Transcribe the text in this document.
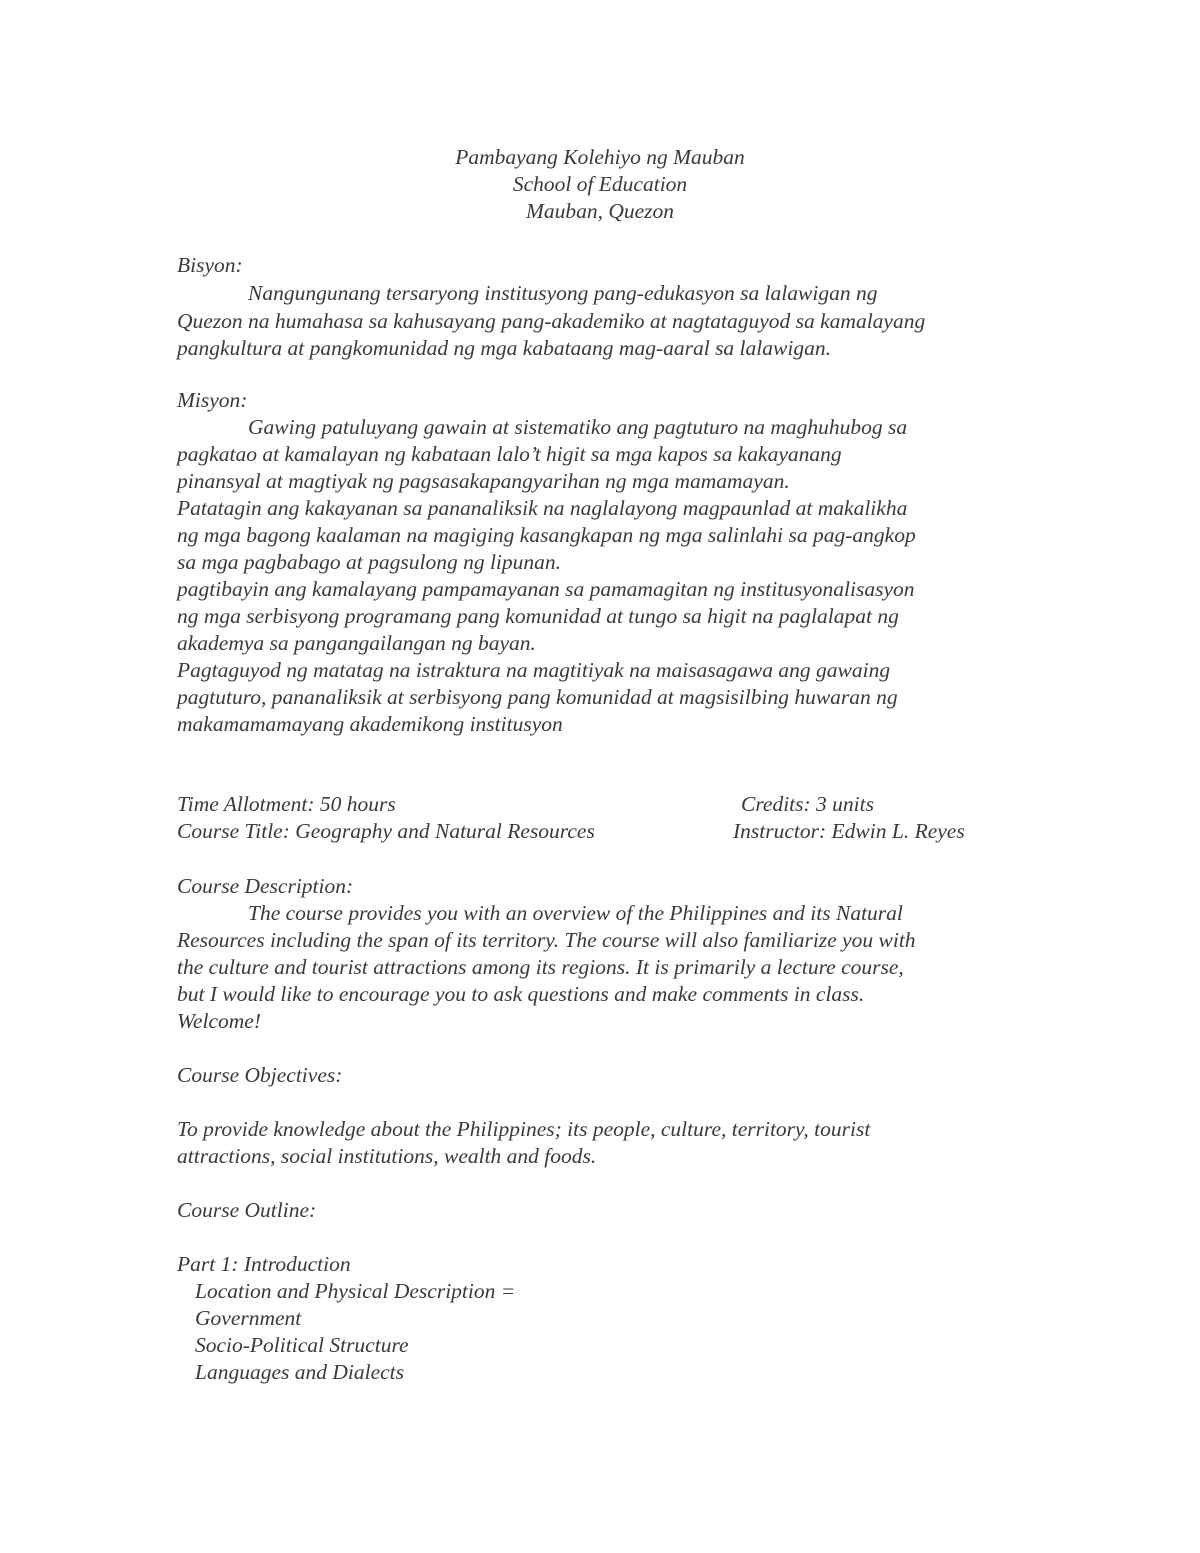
Pambayang Kolehiyo ng Mauban

School of Education

Mauban, Quezon

Bisyon:

Nangungunang tersaryong institusyong pang-edukasyon sa lalawigan ng

Quezon na humahasa sa kahusayang pang-akademiko at nagtataguyod sa kamalayang

pangkultura at pangkomunidad ng mga kabataang mag-aaral sa lalawigan.

Misyon:

Gawing patuluyang gawain at sistematiko ang pagtuturo na maghuhubog sa

pagkatao at kamalayan ng kabataan lalo’t higit sa mga kapos sa kakayanang

pinansyal at magtiyak ng pagsasakapangyarihan ng mga mamamayan.

Patatagin ang kakayanan sa pananaliksik na naglalayong magpaunlad at makalikha

ng mga bagong kaalaman na magiging kasangkapan ng mga salinlahi sa pag-angkop

sa mga pagbabago at pagsulong ng lipunan.

pagtibayin ang kamalayang pampamayanan sa pamamagitan ng institusyonalisasyon

ng mga serbisyong programang pang komunidad at tungo sa higit na paglalapat ng

akademya sa pangangailangan ng bayan.

Pagtaguyod ng matatag na istraktura na magtitiyak na maisasagawa ang gawaing

pagtuturo, pananaliksik at serbisyong pang komunidad at magsisilbing huwaran ng

makamamamayang akademikong institusyon

Time Allotment: 50 hours	Credits: 3 units

Course Title: Geography and Natural Resources	Instructor: Edwin L. Reyes

Course Description:

The course provides you with an overview of the Philippines and its Natural

Resources including the span of its territory. The course will also familiarize you with

the culture and tourist attractions among its regions. It is primarily a lecture course,

but I would like to encourage you to ask questions and make comments in class.

Welcome!

Course Objectives:

To provide knowledge about the Philippines; its people, culture, territory, tourist

attractions, social institutions, wealth and foods.

Course Outline:

Part 1: Introduction

Location and Physical Description =

Government

Socio-Political Structure

Languages and Dialects
